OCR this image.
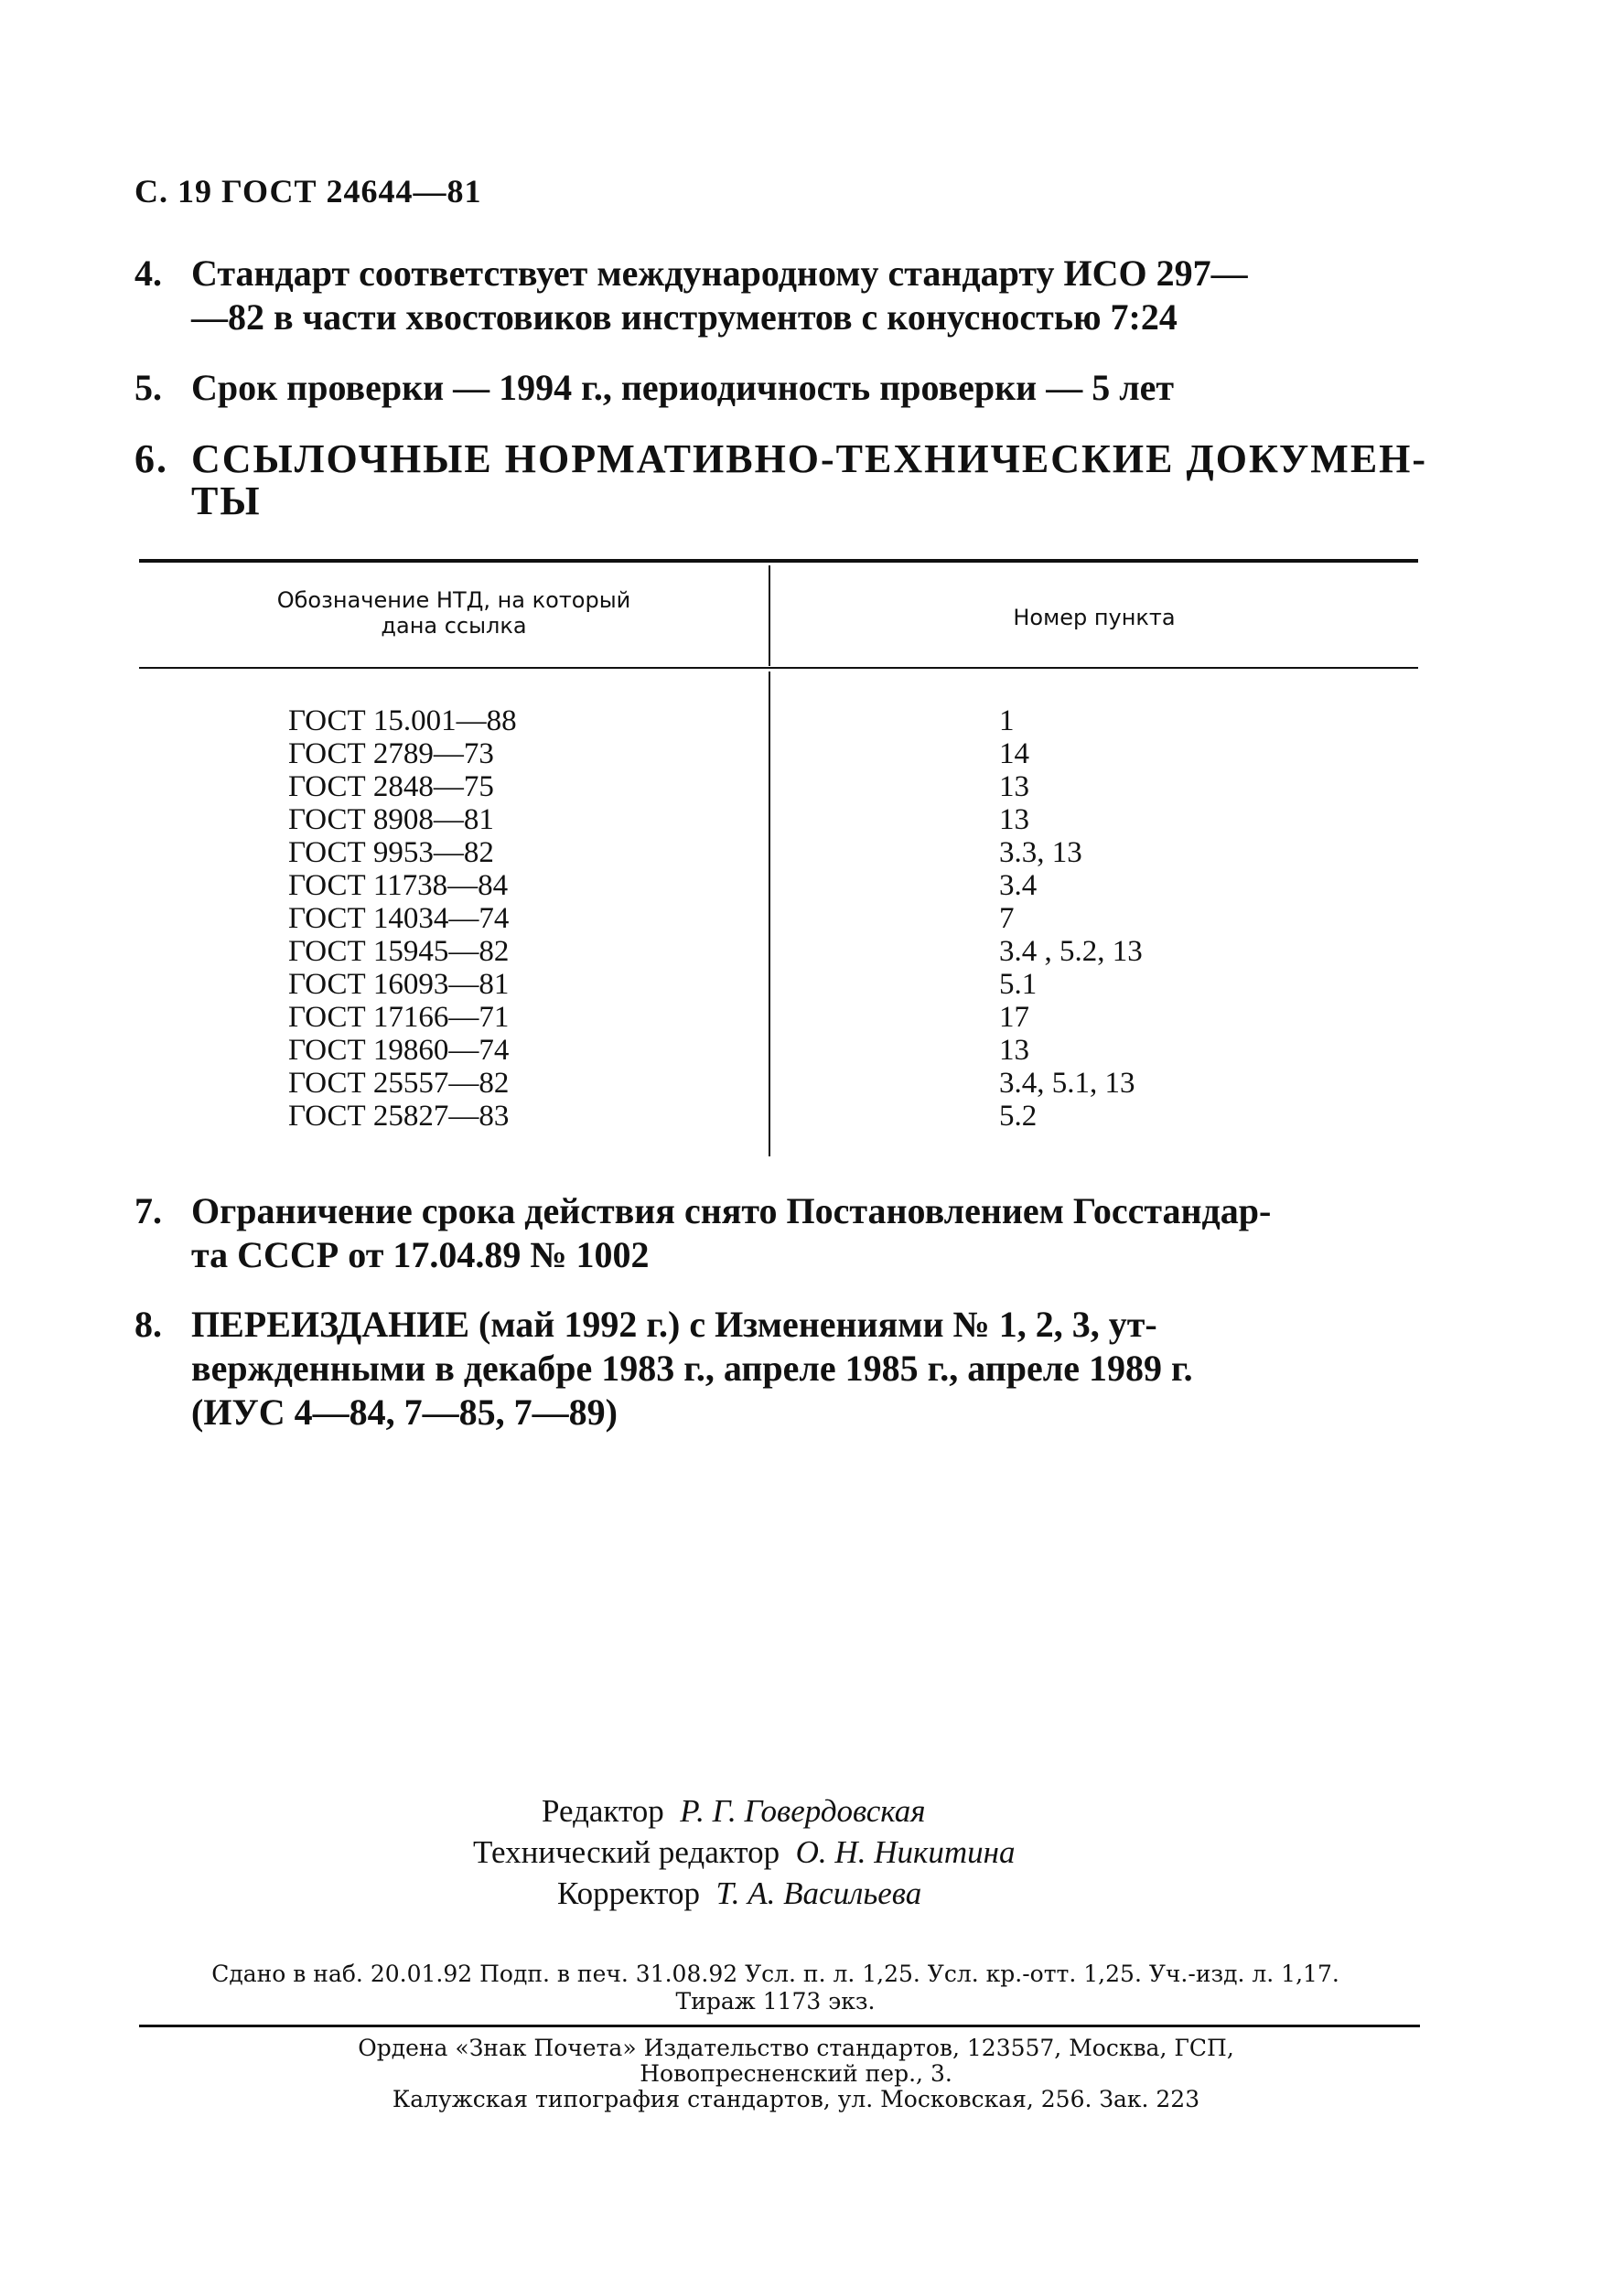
С. 19 ГОСТ 24644—81
4. Стандарт соответствует международному стандарту ИСО 297—
—82 в части хвостовиков инструментов с конусностью 7:24
5. Срок проверки — 1994 г., периодичность проверки — 5 лет
6. ССЫЛОЧНЫЕ НОРМАТИВНО-ТЕХНИЧЕСКИЕ ДОКУМЕН-
ТЫ
Обозначение НТД, на который
дана ссылка	Номер пункта
ГОСТ 15.001—88	1
ГОСТ 2789—73	14
ГОСТ 2848—75	13
ГОСТ 8908—81	13
ГОСТ 9953—82	3.3, 13
ГОСТ 11738—84	3.4
ГОСТ 14034—74	7
ГОСТ 15945—82	3.4 , 5.2, 13
ГОСТ 16093—81	5.1
ГОСТ 17166—71	17
ГОСТ 19860—74	13
ГОСТ 25557—82	3.4, 5.1, 13
ГОСТ 25827—83	5.2
7. Ограничение срока действия снято Постановлением Госстандар-
та СССР от 17.04.89 № 1002
8. ПЕРЕИЗДАНИЕ (май 1992 г.) с Изменениями № 1, 2, 3, ут-
вержденными в декабре 1983 г., апреле 1985 г., апреле 1989 г.
(ИУС 4—84, 7—85, 7—89)
Редактор Р. Г. Говердовская
Технический редактор О. Н. Никитина
Корректор Т. А. Васильева
Сдано в наб. 20.01.92 Подп. в печ. 31.08.92 Усл. п. л. 1,25. Усл. кр.-отт. 1,25. Уч.-изд. л. 1,17.
Тираж 1173 экз.
Ордена «Знак Почета» Издательство стандартов, 123557, Москва, ГСП,
Новопресненский пер., 3.
Калужская типография стандартов, ул. Московская, 256. Зак. 223
